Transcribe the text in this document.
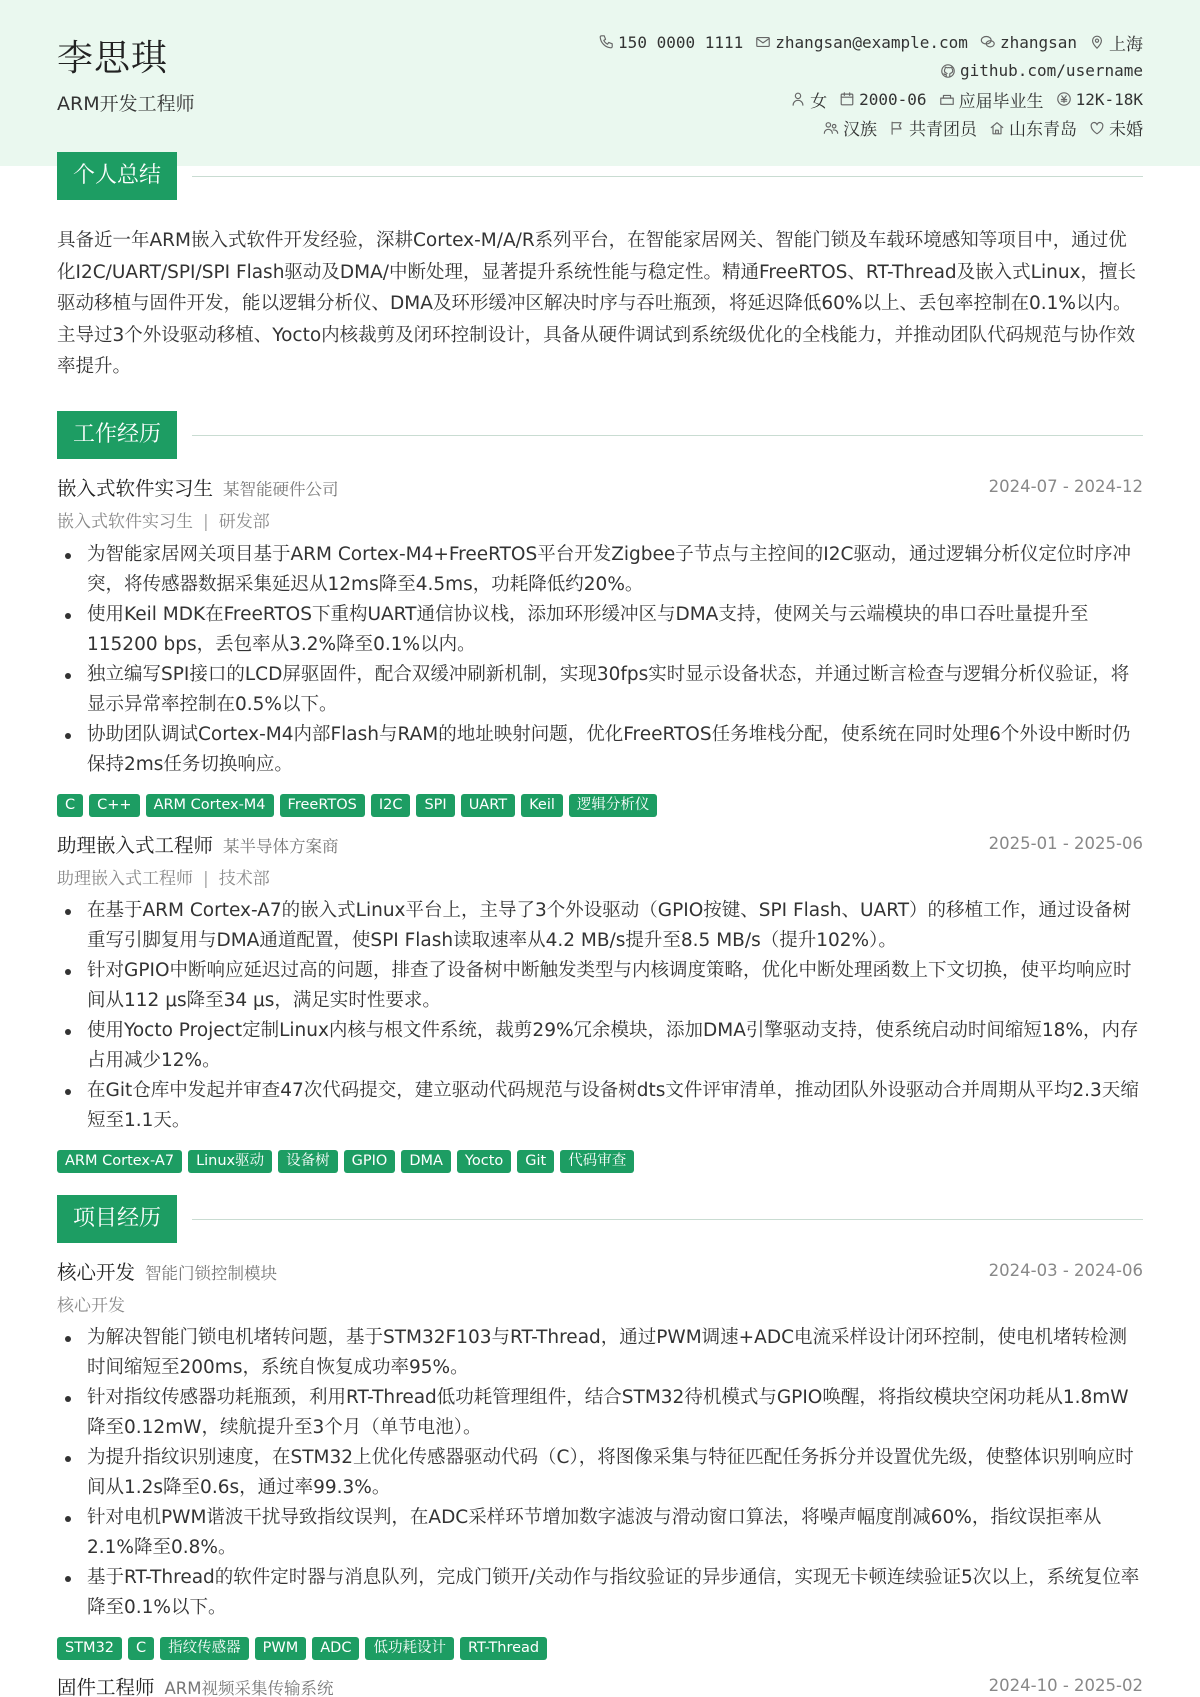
李思琪
ARM开发工程师
150 0000 1111 zhangsan@example.com zhangsan 上海
github.com/username
女 2000-06 应届毕业生 12K-18K
汉族 共青团员 山东青岛 未婚
个人总结
具备近一年ARM嵌入式软件开发经验，深耕Cortex-M/A/R系列平台，在智能家居网关、智能门锁及车载环境感知等项目中，通过优化I2C/UART/SPI/SPI Flash驱动及DMA/中断处理，显著提升系统性能与稳定性。精通FreeRTOS、RT-Thread及嵌入式Linux，擅长驱动移植与固件开发，能以逻辑分析仪、DMA及环形缓冲区解决时序与吞吐瓶颈，将延迟降低60%以上、丢包率控制在0.1%以内。主导过3个外设驱动移植、Yocto内核裁剪及闭环控制设计，具备从硬件调试到系统级优化的全栈能力，并推动团队代码规范与协作效率提升。
工作经历
嵌入式软件实习生 某智能硬件公司	2024-07 - 2024-12
嵌入式软件实习生 | 研发部
为智能家居网关项目基于ARM Cortex-M4+FreeRTOS平台开发Zigbee子节点与主控间的I2C驱动，通过逻辑分析仪定位时序冲突，将传感器数据采集延迟从12ms降至4.5ms，功耗降低约20%。
使用Keil MDK在FreeRTOS下重构UART通信协议栈，添加环形缓冲区与DMA支持，使网关与云端模块的串口吞吐量提升至115200 bps，丢包率从3.2%降至0.1%以内。
独立编写SPI接口的LCD屏驱固件，配合双缓冲刷新机制，实现30fps实时显示设备状态，并通过断言检查与逻辑分析仪验证，将显示异常率控制在0.5%以下。
协助团队调试Cortex-M4内部Flash与RAM的地址映射问题，优化FreeRTOS任务堆栈分配，使系统在同时处理6个外设中断时仍保持2ms任务切换响应。
C	C++	ARM Cortex-M4	FreeRTOS	I2C	SPI	UART	Keil	逻辑分析仪
助理嵌入式工程师 某半导体方案商	2025-01 - 2025-06
助理嵌入式工程师 | 技术部
在基于ARM Cortex-A7的嵌入式Linux平台上，主导了3个外设驱动（GPIO按键、SPI Flash、UART）的移植工作，通过设备树重写引脚复用与DMA通道配置，使SPI Flash读取速率从4.2 MB/s提升至8.5 MB/s（提升102%）。
针对GPIO中断响应延迟过高的问题，排查了设备树中断触发类型与内核调度策略，优化中断处理函数上下文切换，使平均响应时间从112 μs降至34 μs，满足实时性要求。
使用Yocto Project定制Linux内核与根文件系统，裁剪29%冗余模块，添加DMA引擎驱动支持，使系统启动时间缩短18%，内存占用减少12%。
在Git仓库中发起并审查47次代码提交，建立驱动代码规范与设备树dts文件评审清单，推动团队外设驱动合并周期从平均2.3天缩短至1.1天。
ARM Cortex-A7	Linux驱动	设备树	GPIO	DMA	Yocto	Git	代码审查
项目经历
核心开发 智能门锁控制模块	2024-03 - 2024-06
核心开发
为解决智能门锁电机堵转问题，基于STM32F103与RT-Thread，通过PWM调速+ADC电流采样设计闭环控制，使电机堵转检测时间缩短至200ms，系统自恢复成功率95%。
针对指纹传感器功耗瓶颈，利用RT-Thread低功耗管理组件，结合STM32待机模式与GPIO唤醒，将指纹模块空闲功耗从1.8mW降至0.12mW，续航提升至3个月（单节电池）。
为提升指纹识别速度，在STM32上优化传感器驱动代码（C），将图像采集与特征匹配任务拆分并设置优先级，使整体识别响应时间从1.2s降至0.6s，通过率99.3%。
针对电机PWM谐波干扰导致指纹误判，在ADC采样环节增加数字滤波与滑动窗口算法，将噪声幅度削减60%，指纹误拒率从2.1%降至0.8%。
基于RT-Thread的软件定时器与消息队列，完成门锁开/关动作与指纹验证的异步通信，实现无卡顿连续验证5次以上，系统复位率降至0.1%以下。
STM32	C	指纹传感器	PWM	ADC	低功耗设计	RT-Thread
固件工程师 ARM视频采集传输系统	2024-10 - 2025-02
